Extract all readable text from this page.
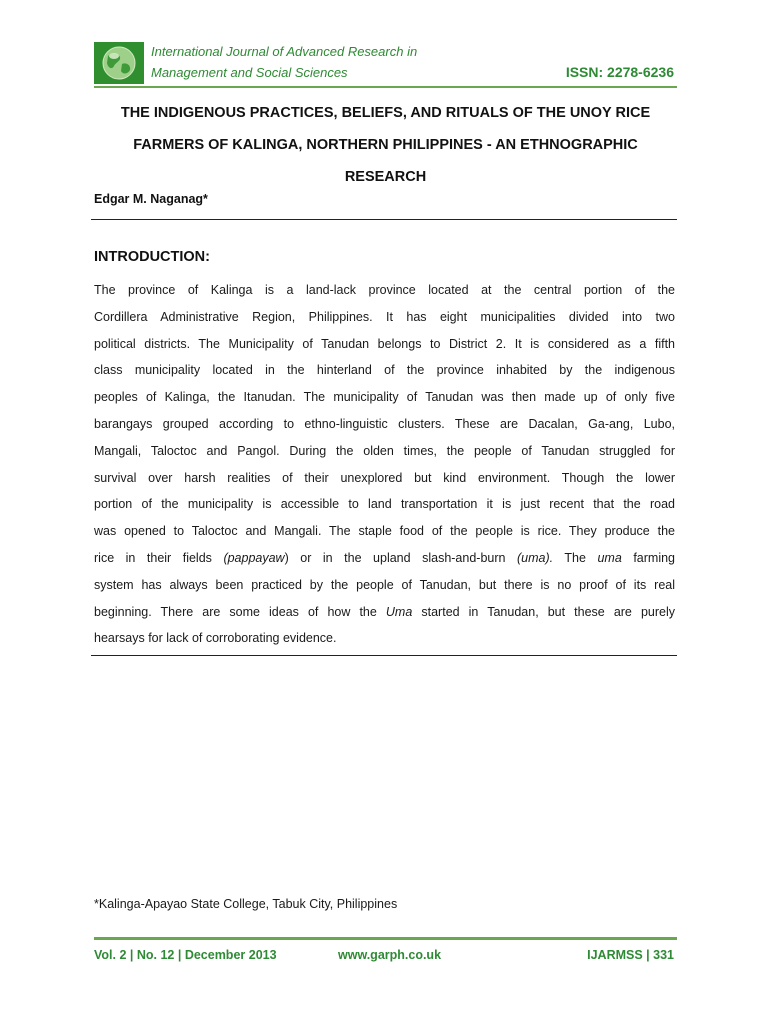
International Journal of Advanced Research in
Management and Social Sciences	ISSN: 2278-6236
THE INDIGENOUS PRACTICES, BELIEFS, AND RITUALS OF THE UNOY RICE
FARMERS OF KALINGA, NORTHERN PHILIPPINES - AN ETHNOGRAPHIC
RESEARCH
Edgar M. Naganag*
INTRODUCTION:
The province of Kalinga is a land-lack province located at the central portion of the
Cordillera Administrative Region, Philippines. It has eight municipalities divided into two
political districts. The Municipality of Tanudan belongs to District 2. It is considered as a fifth
class municipality located in the hinterland of the province inhabited by the indigenous
peoples of Kalinga, the Itanudan. The municipality of Tanudan was then made up of only five
barangays grouped according to ethno-linguistic clusters. These are Dacalan, Ga-ang, Lubo,
Mangali, Taloctoc and Pangol. During the olden times, the people of Tanudan struggled for
survival over harsh realities of their unexplored but kind environment. Though the lower
portion of the municipality is accessible to land transportation it is just recent that the road
was opened to Taloctoc and Mangali. The staple food of the people is rice. They produce the
rice in their fields (pappayaw) or in the upland slash-and-burn (uma). The uma farming
system has always been practiced by the people of Tanudan, but there is no proof of its real
beginning. There are some ideas of how the Uma started in Tanudan, but these are purely
hearsays for lack of corroborating evidence.
*Kalinga-Apayao State College, Tabuk City, Philippines
Vol. 2 | No. 12 | December 2013	www.garph.co.uk	IJARMSS | 331
